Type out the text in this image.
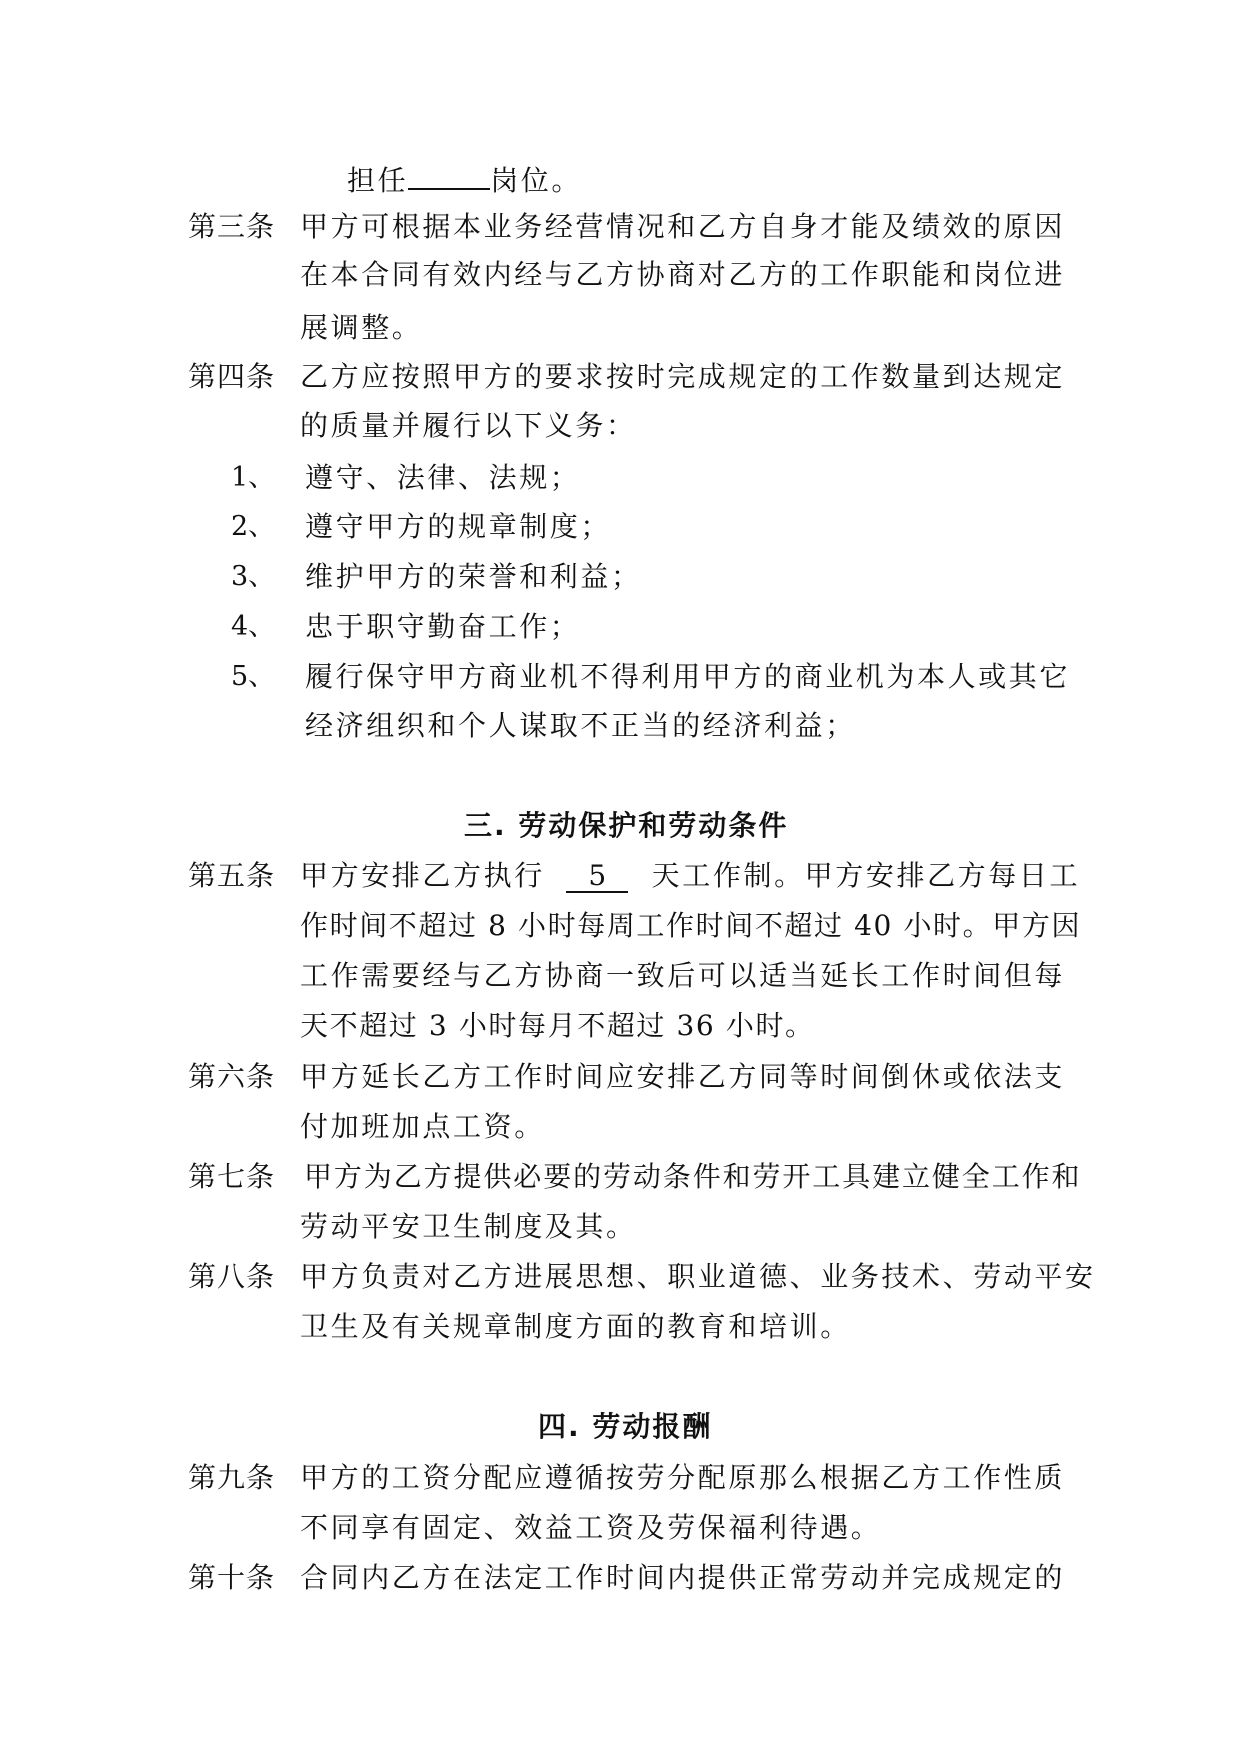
担任	岗位。
第三条 甲方可根据本业务经营情况和乙方自身才能及绩效的原因
在本合同有效内经与乙方协商对乙方的工作职能和岗位进
展调整。
第四条 乙方应按照甲方的要求按时完成规定的工作数量到达规定
的质量并履行以下义务：
1、 遵守、法律、法规；
2、 遵守甲方的规章制度；
3、 维护甲方的荣誉和利益；
4、 忠于职守勤奋工作；
5、 履行保守甲方商业机不得利用甲方的商业机为本人或其它
经济组织和个人谋取不正当的经济利益；
三. 劳动保护和劳动条件
第五条 甲方安排乙方执行 5 天工作制。甲方安排乙方每日工
作时间不超过 8 小时每周工作时间不超过 40 小时。甲方因
工作需要经与乙方协商一致后可以适当延长工作时间但每
天不超过 3 小时每月不超过 36 小时。
第六条 甲方延长乙方工作时间应安排乙方同等时间倒休或依法支
付加班加点工资。
第七条 甲方为乙方提供必要的劳动条件和劳开工具建立健全工作和
劳动平安卫生制度及其。
第八条 甲方负责对乙方进展思想、职业道德、业务技术、劳动平安
卫生及有关规章制度方面的教育和培训。
四. 劳动报酬
第九条 甲方的工资分配应遵循按劳分配原那么根据乙方工作性质
不同享有固定、效益工资及劳保福利待遇。
第十条 合同内乙方在法定工作时间内提供正常劳动并完成规定的
